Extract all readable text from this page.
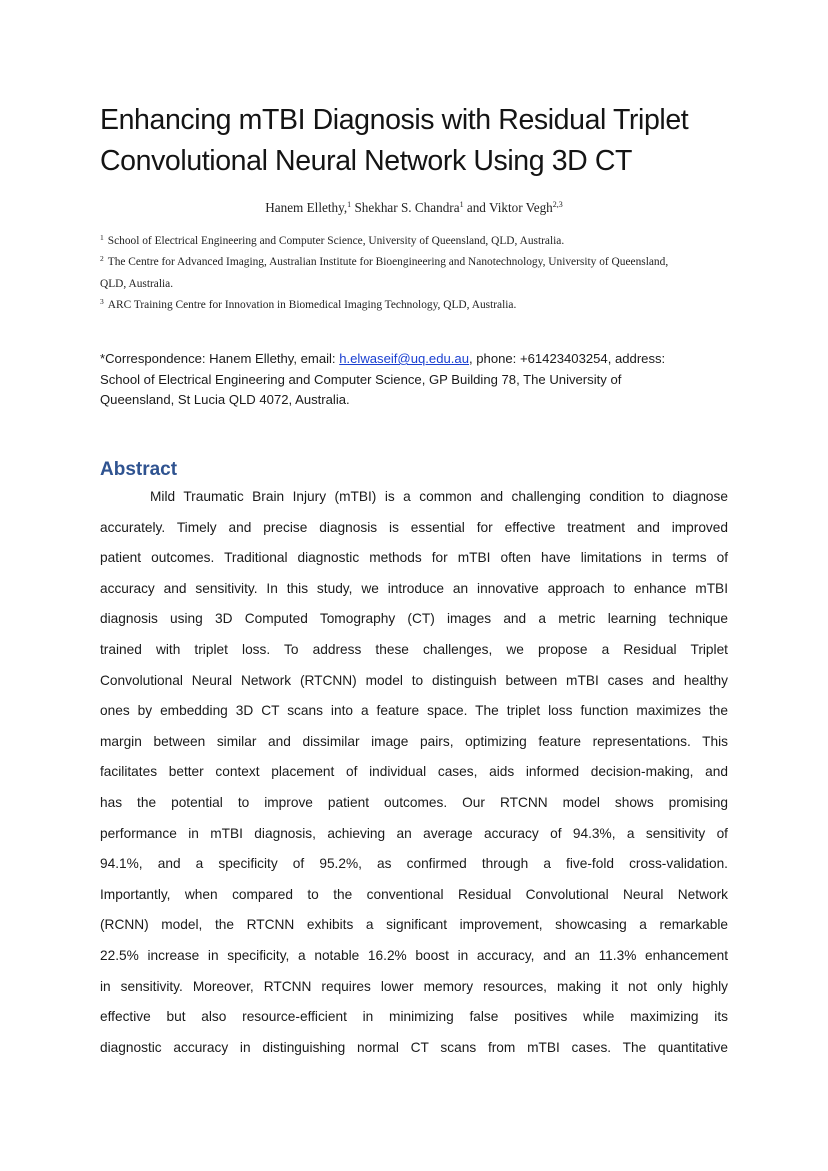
Enhancing mTBI Diagnosis with Residual Triplet
Convolutional Neural Network Using 3D CT
Hanem Ellethy,$^1$ Shekhar S. Chandra$^1$ and Viktor Vegh$^{2,3}$
$^1$ School of Electrical Engineering and Computer Science, University of Queensland, QLD, Australia.
$^2$ The Centre for Advanced Imaging, Australian Institute for Bioengineering and Nanotechnology, University of Queensland,
QLD, Australia.
$^3$ ARC Training Centre for Innovation in Biomedical Imaging Technology, QLD, Australia.
*Correspondence: Hanem Ellethy, email: h.elwaseif@uq.edu.au, phone: +61423403254, address:
School of Electrical Engineering and Computer Science, GP Building 78, The University of
Queensland, St Lucia QLD 4072, Australia.
Abstract
Mild Traumatic Brain Injury (mTBI) is a common and challenging condition to diagnose
accurately. Timely and precise diagnosis is essential for effective treatment and improved
patient outcomes. Traditional diagnostic methods for mTBI often have limitations in terms of
accuracy and sensitivity. In this study, we introduce an innovative approach to enhance mTBI
diagnosis using 3D Computed Tomography (CT) images and a metric learning technique
trained with triplet loss. To address these challenges, we propose a Residual Triplet
Convolutional Neural Network (RTCNN) model to distinguish between mTBI cases and healthy
ones by embedding 3D CT scans into a feature space. The triplet loss function maximizes the
margin between similar and dissimilar image pairs, optimizing feature representations. This
facilitates better context placement of individual cases, aids informed decision-making, and
has the potential to improve patient outcomes. Our RTCNN model shows promising
performance in mTBI diagnosis, achieving an average accuracy of 94.3%, a sensitivity of
94.1%, and a specificity of 95.2%, as confirmed through a five-fold cross-validation.
Importantly, when compared to the conventional Residual Convolutional Neural Network
(RCNN) model, the RTCNN exhibits a significant improvement, showcasing a remarkable
22.5% increase in specificity, a notable 16.2% boost in accuracy, and an 11.3% enhancement
in sensitivity. Moreover, RTCNN requires lower memory resources, making it not only highly
effective but also resource-efficient in minimizing false positives while maximizing its
diagnostic accuracy in distinguishing normal CT scans from mTBI cases. The quantitative
